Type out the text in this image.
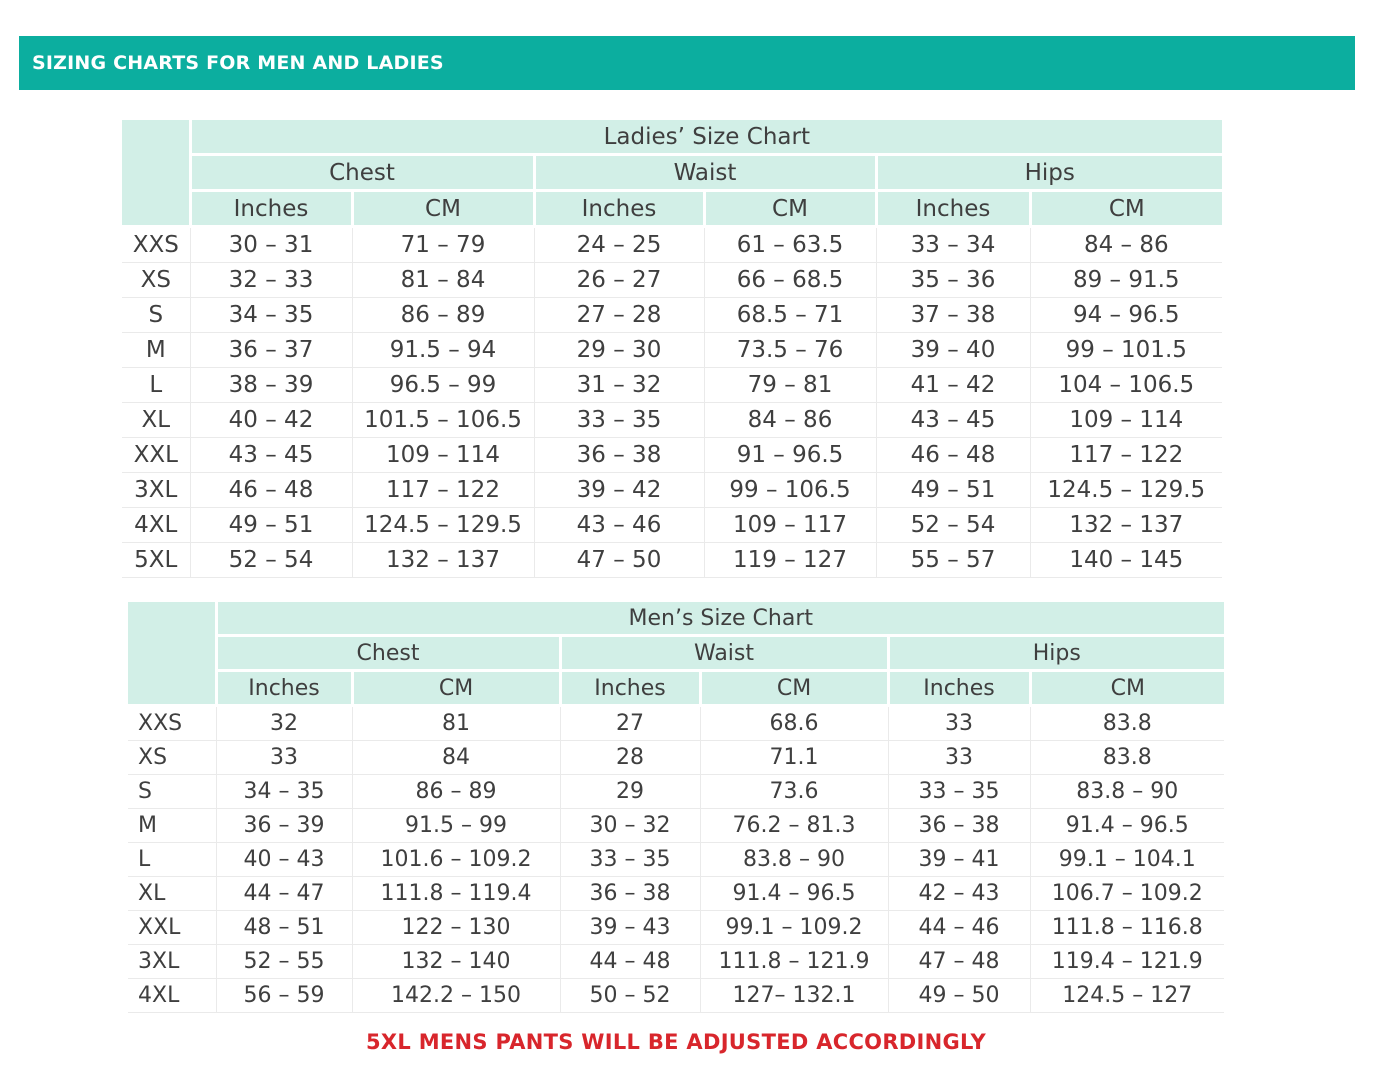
SIZING CHARTS FOR MEN AND LADIES
	Ladies’ Size Chart					
	Chest		Waist		Hips	
	Inches	CM	Inches	CM	Inches	CM
XXS	30 – 31	71 – 79	24 – 25	61 – 63.5	33 – 34	84 – 86
XS	32 – 33	81 – 84	26 – 27	66 – 68.5	35 – 36	89 – 91.5
S	34 – 35	86 – 89	27 – 28	68.5 – 71	37 – 38	94 – 96.5
M	36 – 37	91.5 – 94	29 – 30	73.5 – 76	39 – 40	99 – 101.5
L	38 – 39	96.5 – 99	31 – 32	79 – 81	41 – 42	104 – 106.5
XL	40 – 42	101.5 – 106.5	33 – 35	84 – 86	43 – 45	109 – 114
XXL	43 – 45	109 – 114	36 – 38	91 – 96.5	46 – 48	117 – 122
3XL	46 – 48	117 – 122	39 – 42	99 – 106.5	49 – 51	124.5 – 129.5
4XL	49 – 51	124.5 – 129.5	43 – 46	109 – 117	52 – 54	132 – 137
5XL	52 – 54	132 – 137	47 – 50	119 – 127	55 – 57	140 – 145
	Men’s Size Chart					
	Chest		Waist		Hips	
	Inches	CM	Inches	CM	Inches	CM
XXS	32	81	27	68.6	33	83.8
XS	33	84	28	71.1	33	83.8
S	34 – 35	86 – 89	29	73.6	33 – 35	83.8 – 90
M	36 – 39	91.5 – 99	30 – 32	76.2 – 81.3	36 – 38	91.4 – 96.5
L	40 – 43	101.6 – 109.2	33 – 35	83.8 – 90	39 – 41	99.1 – 104.1
XL	44 – 47	111.8 – 119.4	36 – 38	91.4 – 96.5	42 – 43	106.7 – 109.2
XXL	48 – 51	122 – 130	39 – 43	99.1 – 109.2	44 – 46	111.8 – 116.8
3XL	52 – 55	132 – 140	44 – 48	111.8 – 121.9	47 – 48	119.4 – 121.9
4XL	56 – 59	142.2 – 150	50 – 52	127– 132.1	49 – 50	124.5 – 127
5XL MENS PANTS WILL BE ADJUSTED ACCORDINGLY
